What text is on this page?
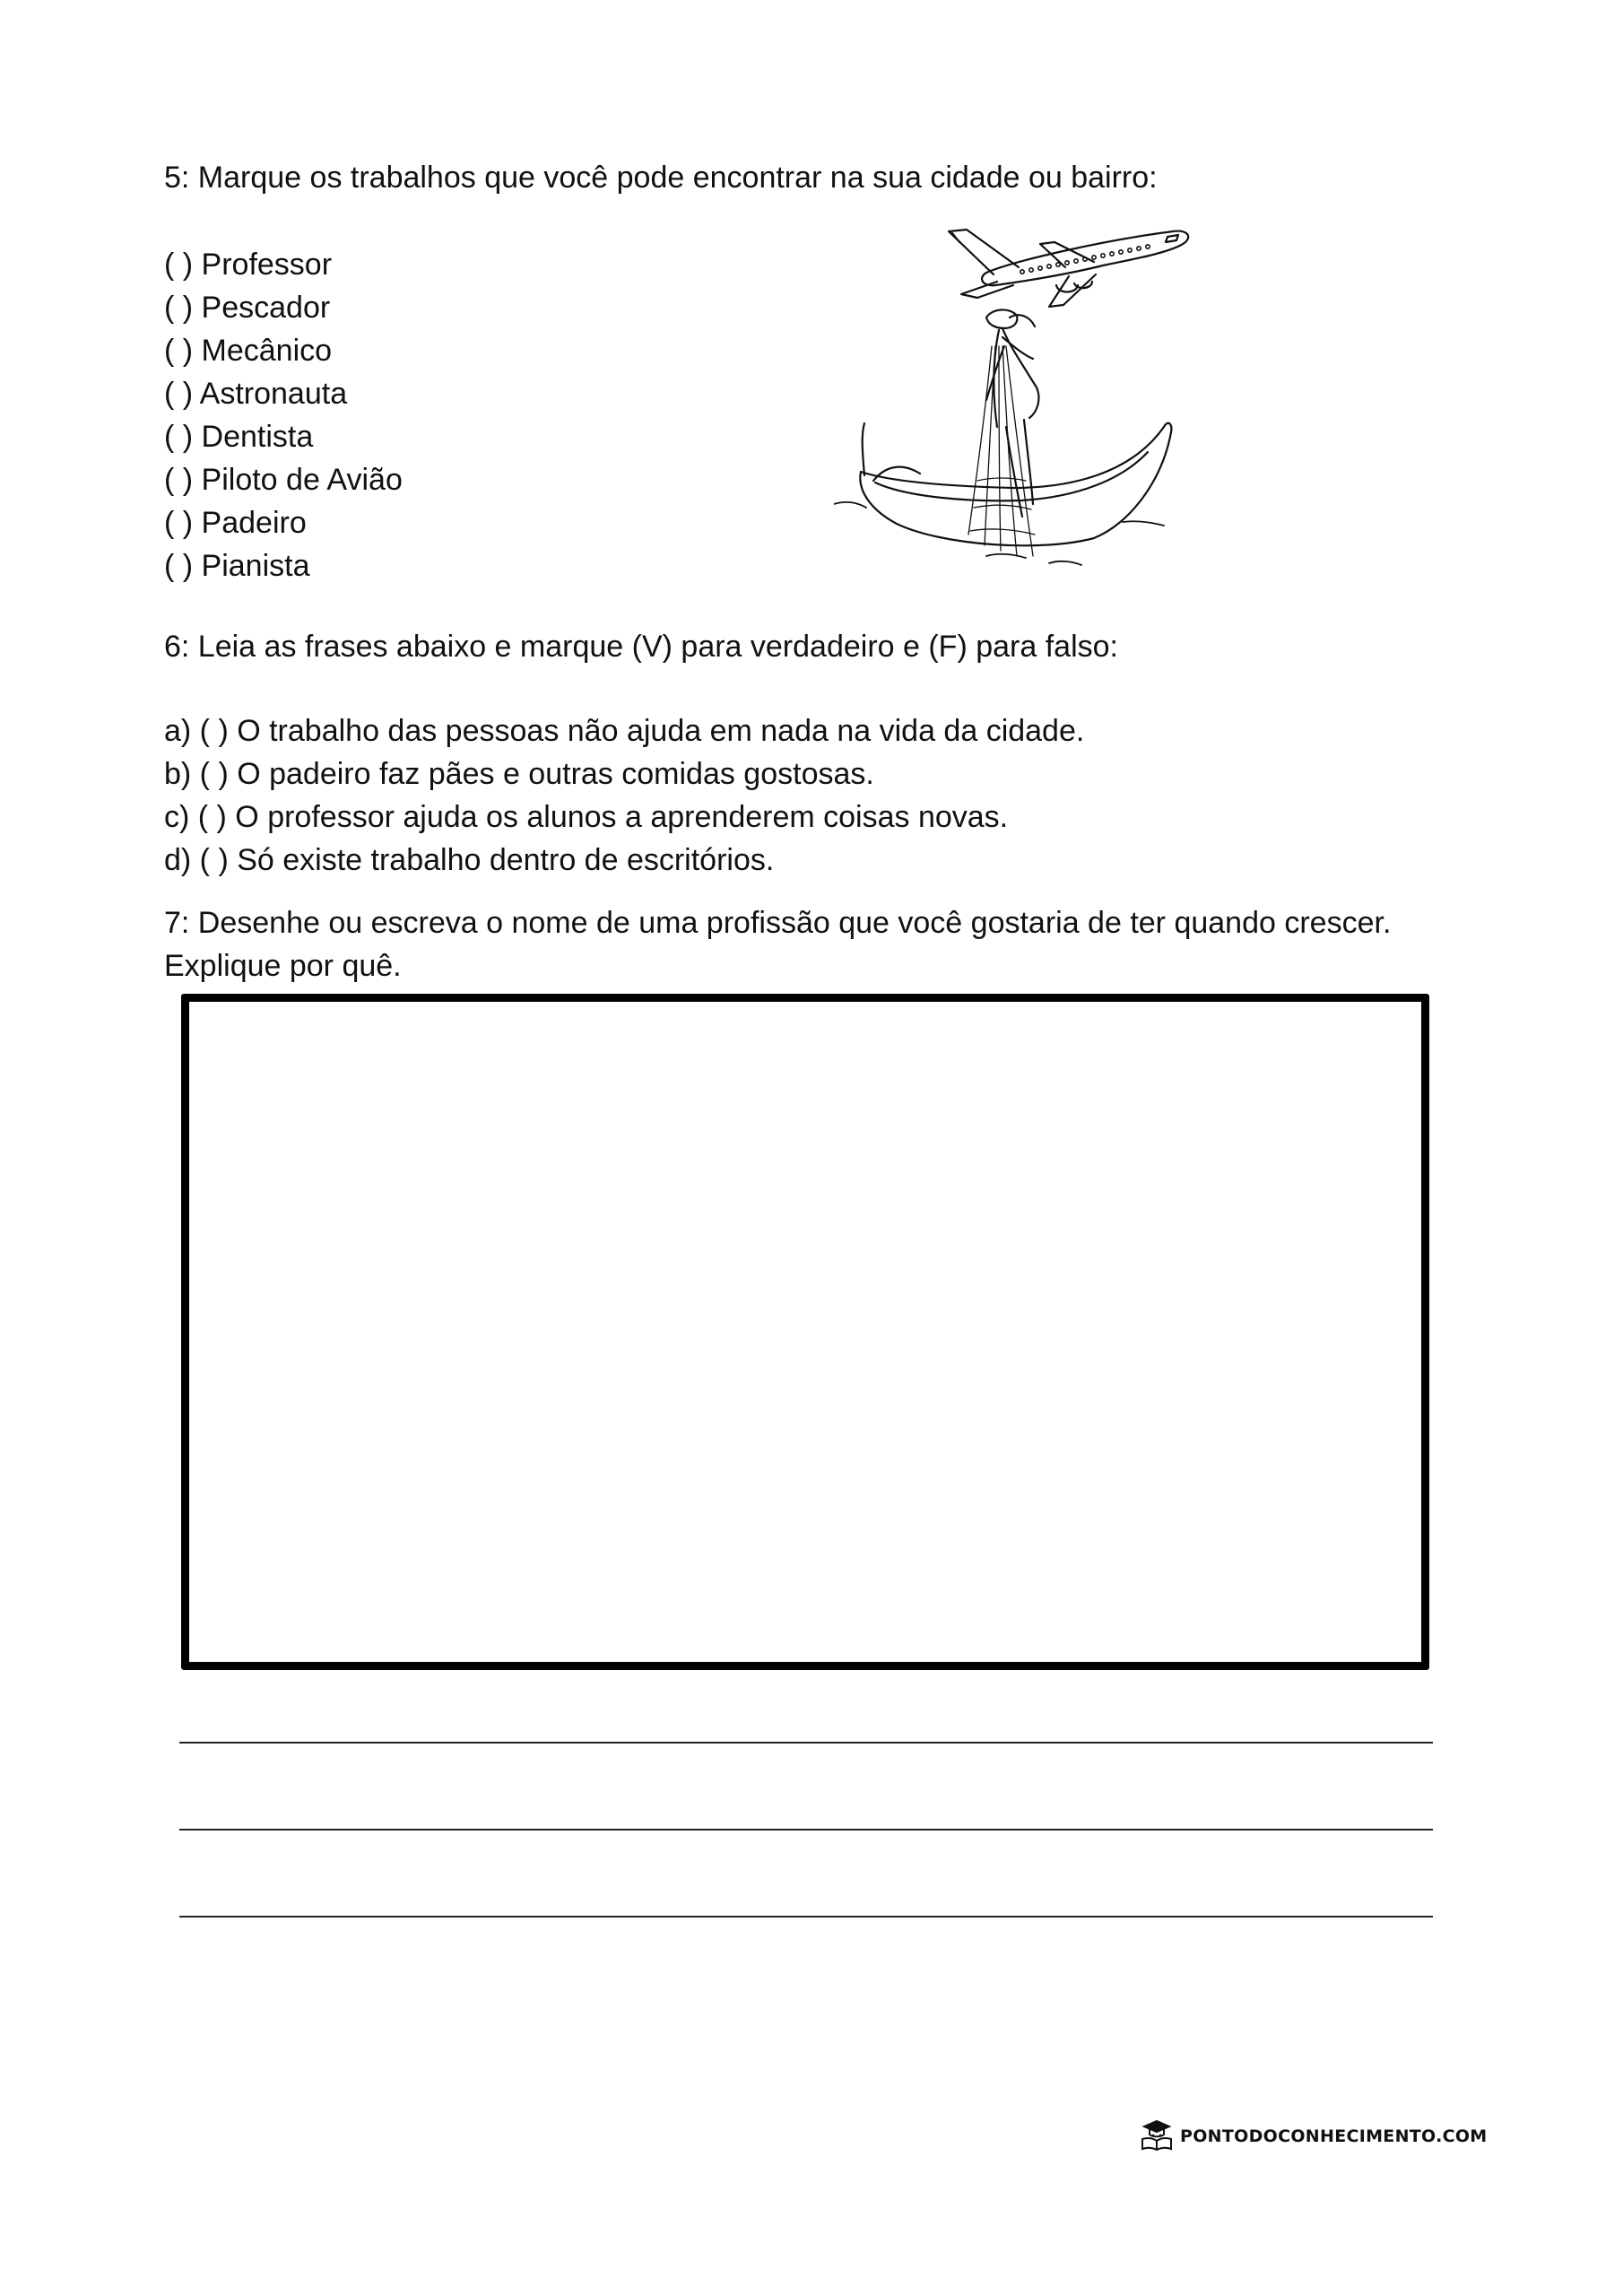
5: Marque os trabalhos que você pode encontrar na sua cidade ou bairro:
( ) Professor
( ) Pescador
( ) Mecânico
( ) Astronauta
( ) Dentista
( ) Piloto de Avião
( ) Padeiro
( ) Pianista
6: Leia as frases abaixo e marque (V) para verdadeiro e (F) para falso:
a) ( ) O trabalho das pessoas não ajuda em nada na vida da cidade.
b) ( ) O padeiro faz pães e outras comidas gostosas.
c) ( ) O professor ajuda os alunos a aprenderem coisas novas.
d) ( ) Só existe trabalho dentro de escritórios.
7: Desenhe ou escreva o nome de uma profissão que você gostaria de ter quando crescer.
Explique por quê.
PONTODOCONHECIMENTO.COM
